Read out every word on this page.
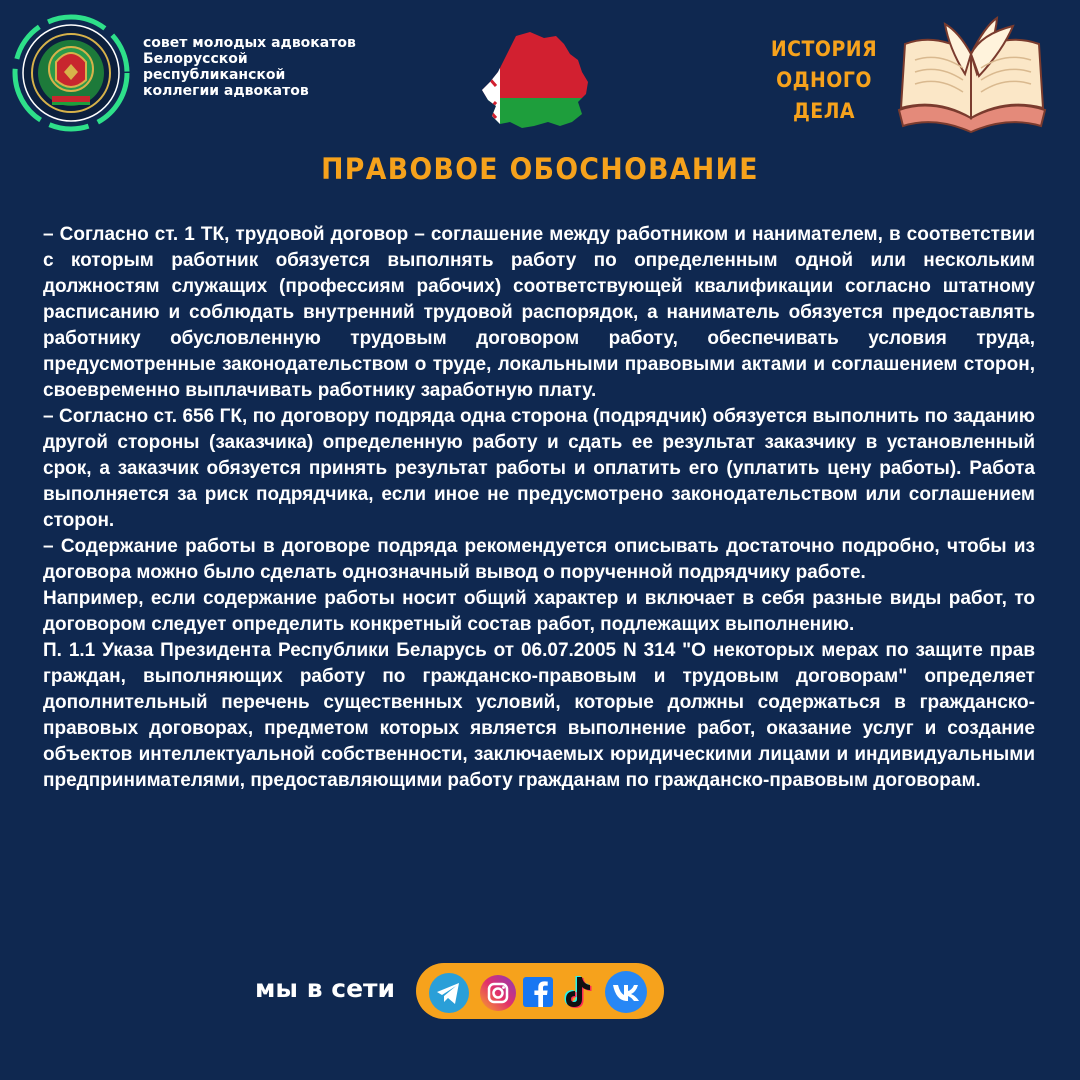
совет молодых адвокатов
Белорусской
республиканской
коллегии адвокатов
ИСТОРИЯ
ОДНОГО
ДЕЛА
ПРАВОВОЕ ОБОСНОВАНИЕ

– Согласно ст. 1 ТК, трудовой договор – соглашение между работником и нанимателем, в соответствии с которым работник обязуется выполнять работу по определенным одной или нескольким должностям служащих (профессиям рабочих) соответствующей квалификации согласно штатному расписанию и соблюдать внутренний трудовой распорядок, а наниматель обязуется предоставлять работнику обусловленную трудовым договором работу, обеспечивать условия труда, предусмотренные законодательством о труде, локальными правовыми актами и соглашением сторон, своевременно выплачивать работнику заработную плату.

– Согласно ст. 656 ГК, по договору подряда одна сторона (подрядчик) обязуется выполнить по заданию другой стороны (заказчика) определенную работу и сдать ее результат заказчику в установленный срок, а заказчик обязуется принять результат работы и оплатить его (уплатить цену работы). Работа выполняется за риск подрядчика, если иное не предусмотрено законодательством или соглашением сторон.

– Содержание работы в договоре подряда рекомендуется описывать достаточно подробно, чтобы из договора можно было сделать однозначный вывод о порученной подрядчику работе.

Например, если содержание работы носит общий характер и включает в себя разные виды работ, то договором следует определить конкретный состав работ, подлежащих выполнению.

П. 1.1 Указа Президента Республики Беларусь от 06.07.2005 N 314 "О некоторых мерах по защите прав граждан, выполняющих работу по гражданско-правовым и трудовым договорам" определяет дополнительный перечень существенных условий, которые должны содержаться в гражданско-правовых договорах, предметом которых является выполнение работ, оказание услуг и создание объектов интеллектуальной собственности, заключаемых юридическими лицами и индивидуальными предпринимателями, предоставляющими работу гражданам по гражданско-правовым договорам.

мы в сети
